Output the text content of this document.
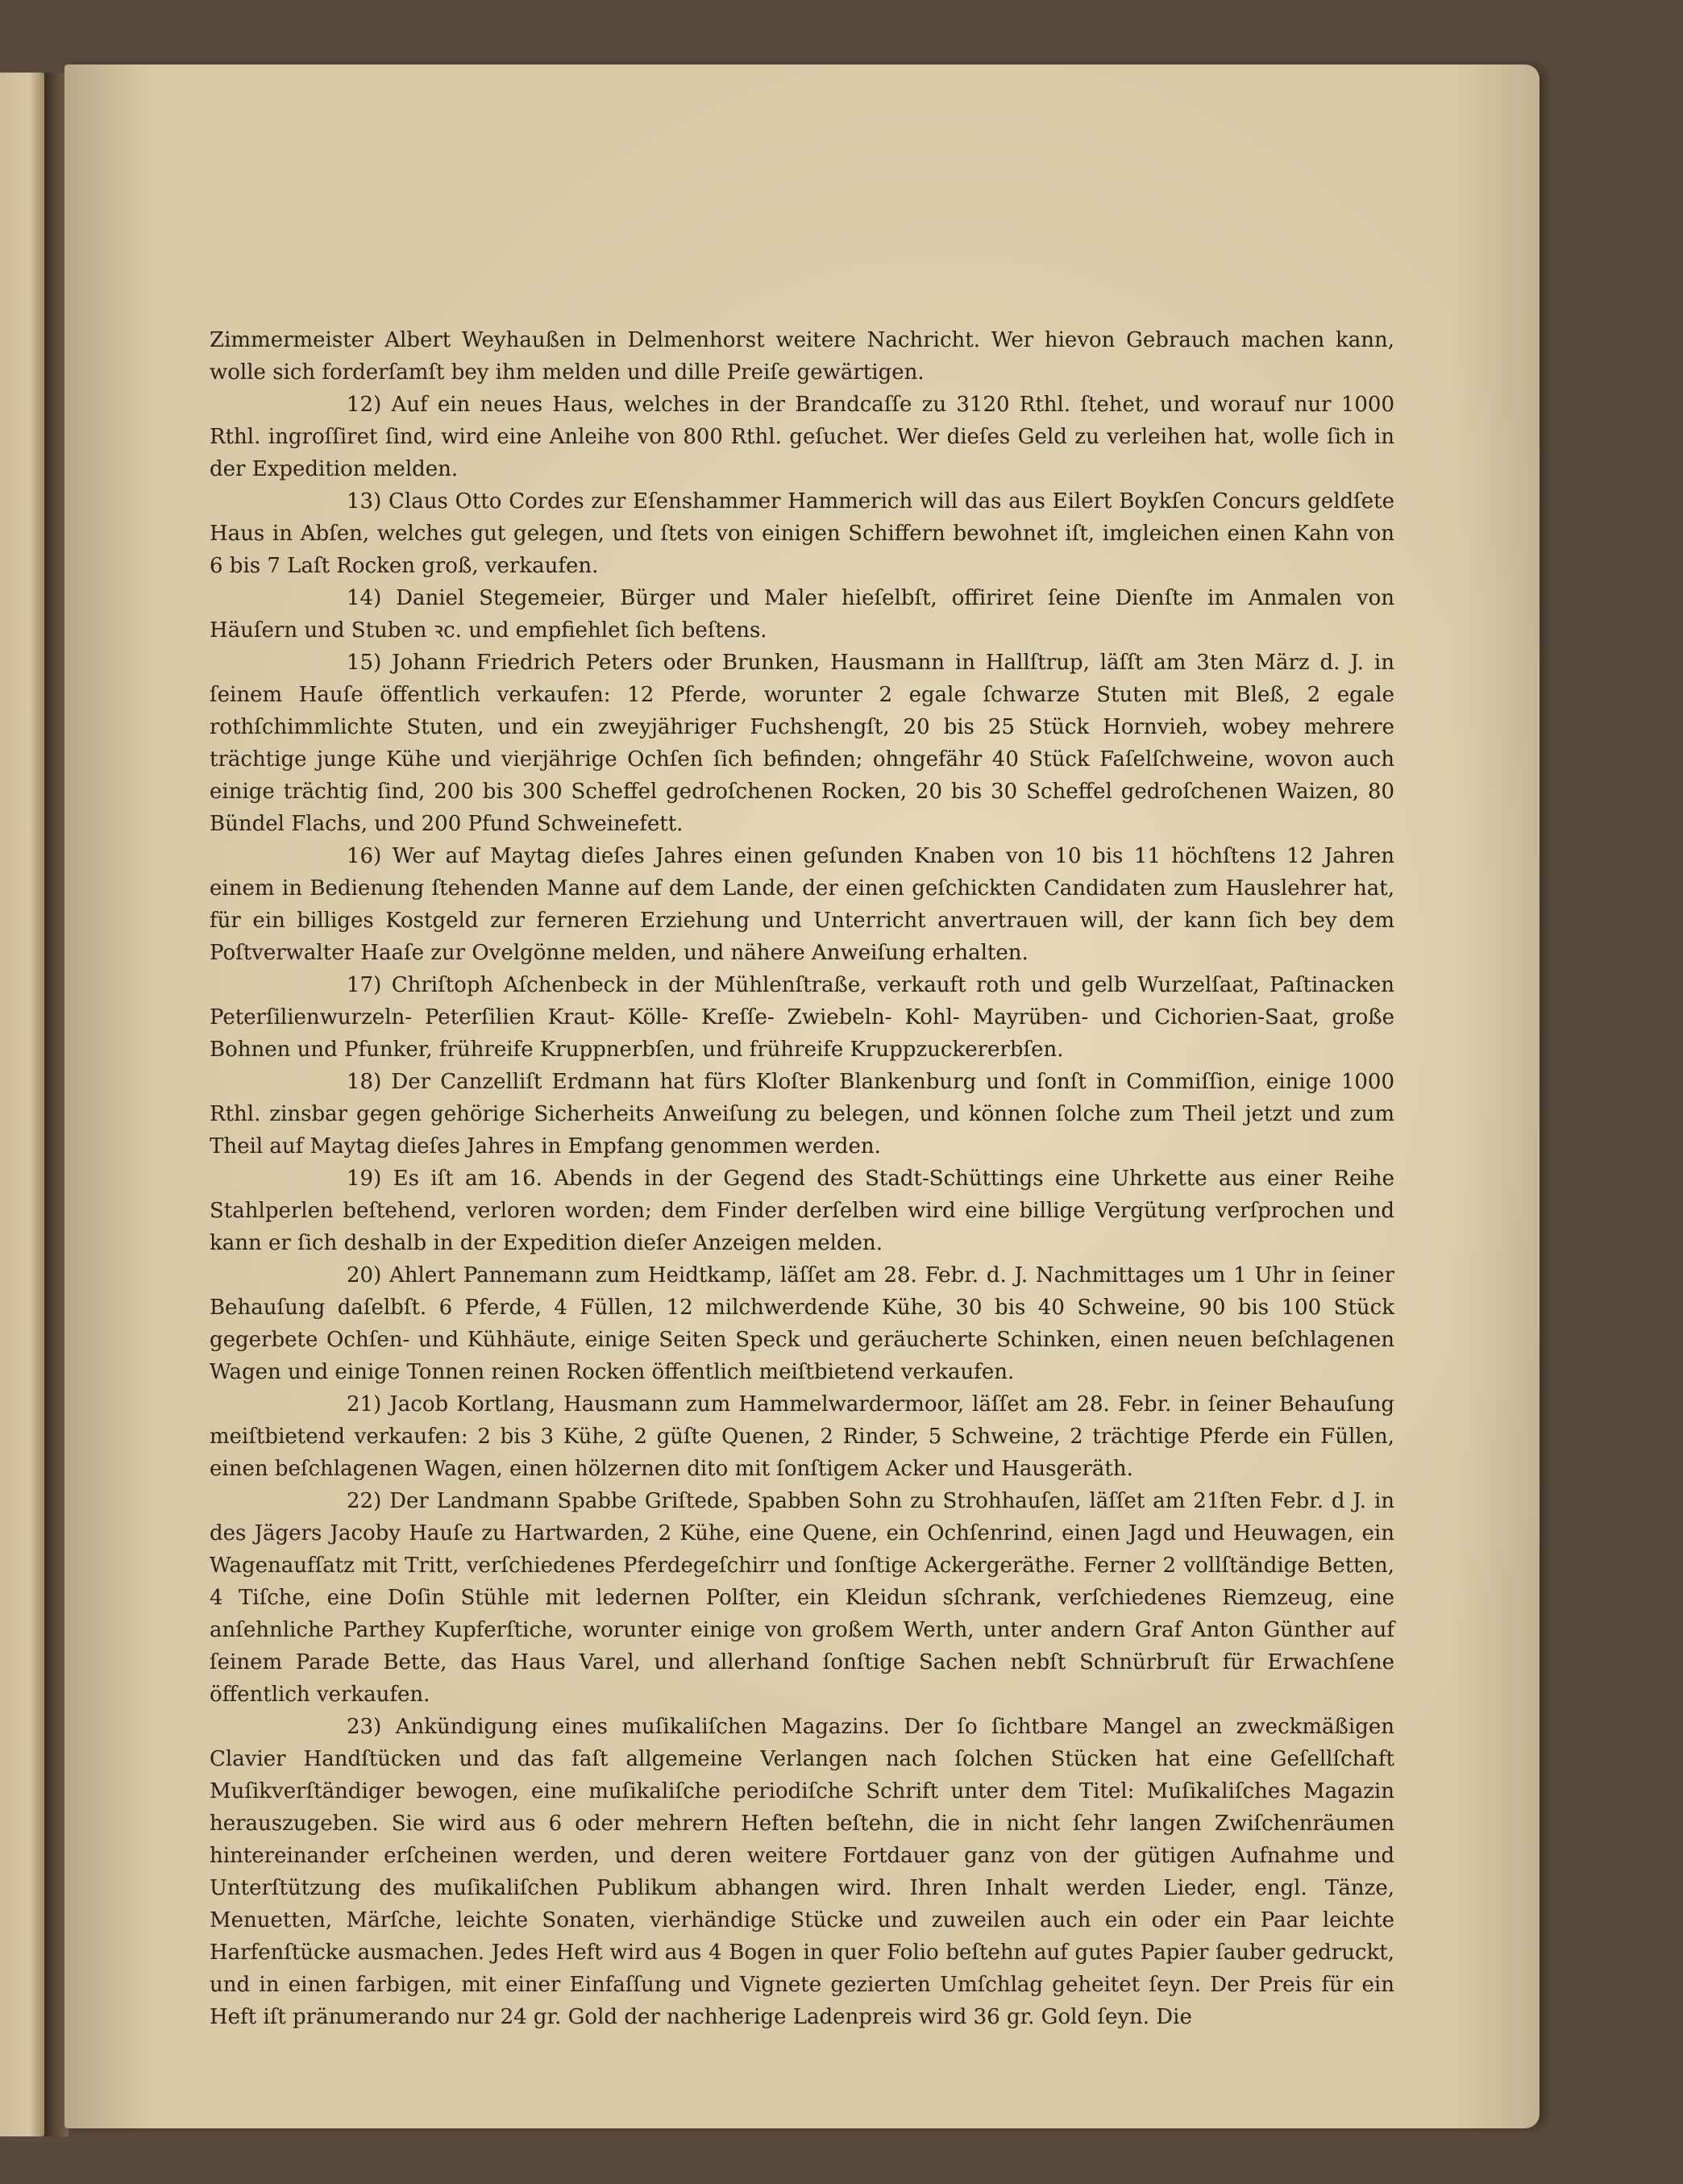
Zimmermeister Albert Weyhaußen in Delmenhorst weitere Nachricht. Wer hievon Gebrauch machen kann, wolle sich forderſamſt bey ihm melden und dille Preiſe gewärtigen.

12) Auf ein neues Haus, welches in der Brandcaſſe zu 3120 Rthl. ſtehet, und worauf nur 1000 Rthl. ingroſſiret ſind, wird eine Anleihe von 800 Rthl. geſuchet. Wer dieſes Geld zu verleihen hat, wolle ſich in der Expedition melden.

13) Claus Otto Cordes zur Eſenshammer Hammerich will das aus Eilert Boykſen Concurs geldſete Haus in Abſen, welches gut gelegen, und ſtets von einigen Schiffern bewohnet iſt, imgleichen einen Kahn von 6 bis 7 Laſt Rocken groß, verkaufen.

14) Daniel Stegemeier, Bürger und Maler hieſelbſt, offiriret ſeine Dienſte im Anmalen von Häuſern und Stuben ꝛc. und empfiehlet ſich beſtens.

15) Johann Friedrich Peters oder Brunken, Hausmann in Hallſtrup, läſſt am 3ten März d. J. in ſeinem Hauſe öffentlich verkaufen: 12 Pferde, worunter 2 egale ſchwarze Stuten mit Bleß, 2 egale rothſchimmlichte Stuten, und ein zweyjähriger Fuchshengſt, 20 bis 25 Stück Hornvieh, wobey mehrere trächtige junge Kühe und vierjährige Ochſen ſich befinden; ohngefähr 40 Stück Faſelſchweine, wovon auch einige trächtig ſind, 200 bis 300 Scheffel gedroſchenen Rocken, 20 bis 30 Scheffel gedroſchenen Waizen, 80 Bündel Flachs, und 200 Pfund Schweinefett.

16) Wer auf Maytag dieſes Jahres einen geſunden Knaben von 10 bis 11 höchſtens 12 Jahren einem in Bedienung ſtehenden Manne auf dem Lande, der einen geſchickten Candidaten zum Hauslehrer hat, für ein billiges Kostgeld zur ferneren Erziehung und Unterricht anvertrauen will, der kann ſich bey dem Poſtverwalter Haaſe zur Ovelgönne melden, und nähere Anweiſung erhalten.

17) Chriſtoph Aſchenbeck in der Mühlenſtraße, verkauft roth und gelb Wurzelſaat, Paſtinacken Peterſilienwurzeln- Peterſilien Kraut- Kölle- Kreſſe- Zwiebeln- Kohl- Mayrüben- und Cichorien-Saat, große Bohnen und Pfunker, frühreife Kruppnerbſen, und frühreife Kruppzuckererbſen.

18) Der Canzelliſt Erdmann hat fürs Kloſter Blankenburg und ſonſt in Commiſſion, einige 1000 Rthl. zinsbar gegen gehörige Sicherheits Anweiſung zu belegen, und können ſolche zum Theil jetzt und zum Theil auf Maytag dieſes Jahres in Empfang genommen werden.

19) Es iſt am 16. Abends in der Gegend des Stadt-Schüttings eine Uhrkette aus einer Reihe Stahlperlen beſtehend, verloren worden; dem Finder derſelben wird eine billige Vergütung verſprochen und kann er ſich deshalb in der Expedition dieſer Anzeigen melden.

20) Ahlert Pannemann zum Heidtkamp, läſſet am 28. Febr. d. J. Nachmittages um 1 Uhr in ſeiner Behauſung daſelbſt. 6 Pferde, 4 Füllen, 12 milchwerdende Kühe, 30 bis 40 Schweine, 90 bis 100 Stück gegerbete Ochſen- und Kühhäute, einige Seiten Speck und geräucherte Schinken, einen neuen beſchlagenen Wagen und einige Tonnen reinen Rocken öffentlich meiſtbietend verkaufen.

21) Jacob Kortlang, Hausmann zum Hammelwardermoor, läſſet am 28. Febr. in ſeiner Behauſung meiſtbietend verkaufen: 2 bis 3 Kühe, 2 güſte Quenen, 2 Rinder, 5 Schweine, 2 trächtige Pferde ein Füllen, einen beſchlagenen Wagen, einen hölzernen dito mit ſonſtigem Acker und Hausgeräth.

22) Der Landmann Spabbe Griſtede, Spabben Sohn zu Strohhauſen, läſſet am 21ſten Febr. d J. in des Jägers Jacoby Hauſe zu Hartwarden, 2 Kühe, eine Quene, ein Ochſenrind, einen Jagd und Heuwagen, ein Wagenaufſatz mit Tritt, verſchiedenes Pferdegeſchirr und ſonſtige Ackergeräthe. Ferner 2 vollſtändige Betten, 4 Tiſche, eine Doſin Stühle mit ledernen Polſter, ein Kleidun sſchrank, verſchiedenes Riemzeug, eine anſehnliche Parthey Kupferſtiche, worunter einige von großem Werth, unter andern Graf Anton Günther auf ſeinem Parade Bette, das Haus Varel, und allerhand ſonſtige Sachen nebſt Schnürbruſt für Erwachſene öffentlich verkaufen.

23) Ankündigung eines muſikaliſchen Magazins. Der ſo ſichtbare Mangel an zweckmäßigen Clavier Handſtücken und das faſt allgemeine Verlangen nach ſolchen Stücken hat eine Geſellſchaft Muſikverſtändiger bewogen, eine muſikaliſche periodiſche Schrift unter dem Titel: Muſikaliſches Magazin herauszugeben. Sie wird aus 6 oder mehrern Heften beſtehn, die in nicht ſehr langen Zwiſchenräumen hintereinander erſcheinen werden, und deren weitere Fortdauer ganz von der gütigen Aufnahme und Unterſtützung des muſikaliſchen Publikum abhangen wird. Ihren Inhalt werden Lieder, engl. Tänze, Menuetten, Märſche, leichte Sonaten, vierhändige Stücke und zuweilen auch ein oder ein Paar leichte Harfenſtücke ausmachen. Jedes Heft wird aus 4 Bogen in quer Folio beſtehn auf gutes Papier ſauber gedruckt, und in einen farbigen, mit einer Einfaſſung und Vignete gezierten Umſchlag geheitet ſeyn. Der Preis für ein Heft iſt pränumerando nur 24 gr. Gold der nachherige Ladenpreis wird 36 gr. Gold ſeyn. Die
